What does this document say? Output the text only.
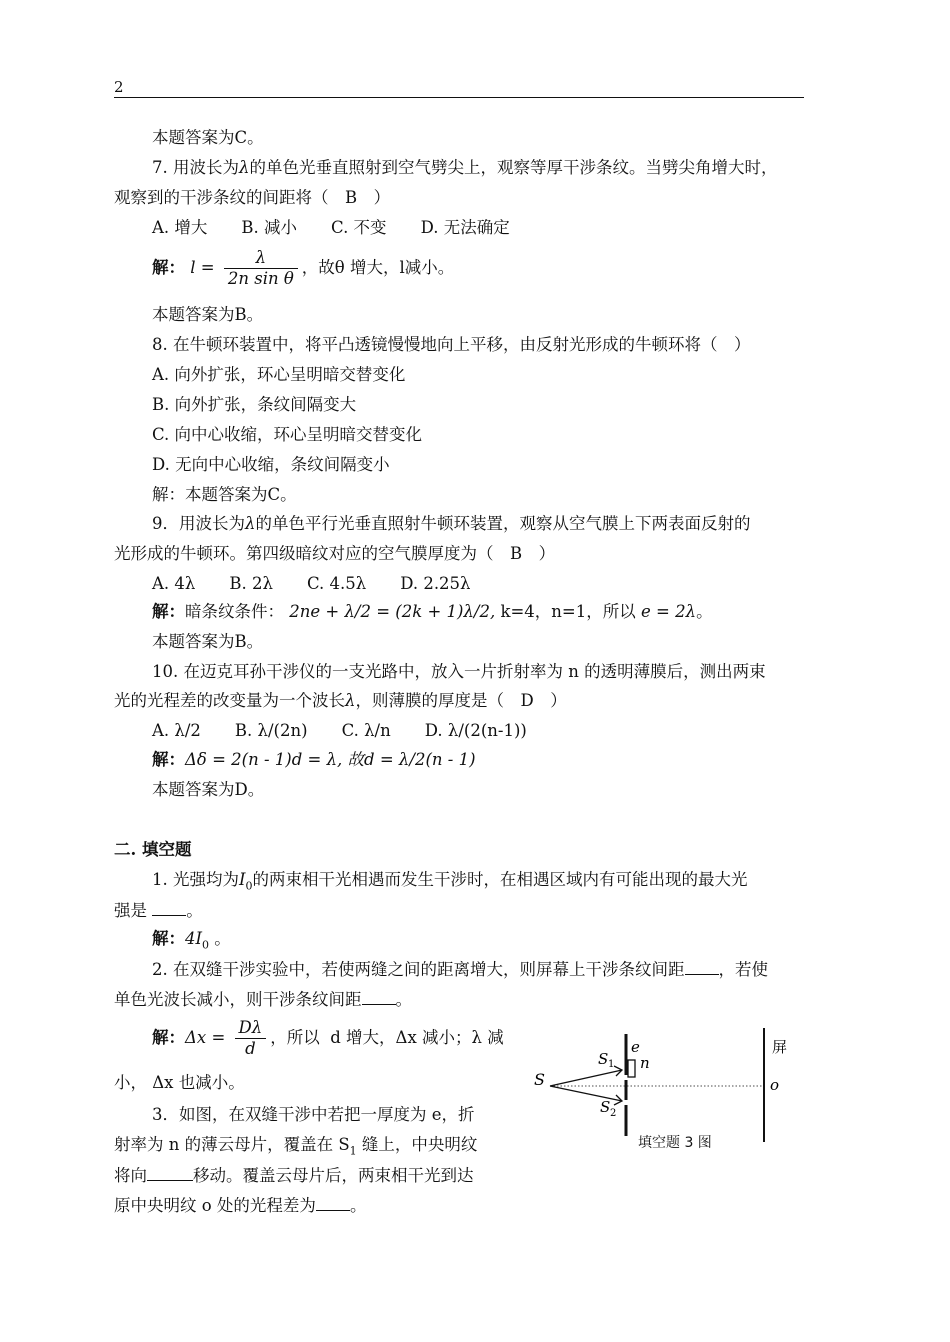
2
本题答案为C。
7. 用波长为λ的单色光垂直照射到空气劈尖上，观察等厚干涉条纹。当劈尖角增大时，
观察到的干涉条纹的间距将（　B　）
A. 增大 B. 减小 C. 不变 D. 无法确定
解： $l = \frac{\lambda}{\text{2n sin θ}}$ ，故θ 增大，l减小。
本题答案为B。
8. 在牛顿环装置中，将平凸透镜慢慢地向上平移，由反射光形成的牛顿环将（　）
A. 向外扩张，环心呈明暗交替变化
B. 向外扩张，条纹间隔变大
C. 向中心收缩，环心呈明暗交替变化
D. 无向中心收缩，条纹间隔变小
解：本题答案为C。
9．用波长为λ的单色平行光垂直照射牛顿环装置，观察从空气膜上下两表面反射的
光形成的牛顿环。第四级暗纹对应的空气膜厚度为（　B　）
A. 4λ B. 2λ C. 4.5λ D. 2.25λ
解：暗条纹条件： 2ne + λ/2 = (2k + 1)λ/2, k=4，n=1，所以 e = 2λ。
本题答案为B。
10. 在迈克耳孙干涉仪的一支光路中，放入一片折射率为 n 的透明薄膜后，测出两束
光的光程差的改变量为一个波长λ，则薄膜的厚度是（　D　）
A. λ/2 B. λ/(2n) C. λ/n D. λ/(2(n-1))
解：Δδ = 2(n - 1)d = λ, 故d = λ/2(n - 1)
本题答案为D。
二. 填空题
1. 光强均为$I_0$的两束相干光相遇而发生干涉时，在相遇区域内有可能出现的最大光
强是 。
解：$4I_0$ 。
2. 在双缝干涉实验中，若使两缝之间的距离增大，则屏幕上干涉条纹间距 ，若使
单色光波长减小，则干涉条纹间距 。
解：$\Delta x = \frac{D\lambda}{d}$ ，所以 d 增大，Δx 减小；λ 减
小， Δx 也减小。
3．如图，在双缝干涉中若把一厚度为 e，折
射率为 n 的薄云母片，覆盖在 $S_1$ 缝上，中央明纹
将向	移动。覆盖云母片后，两束相干光到达
原中央明纹 o 处的光程差为 。
S
S 1
S 2
e
n
屏
o
填空题 3 图
